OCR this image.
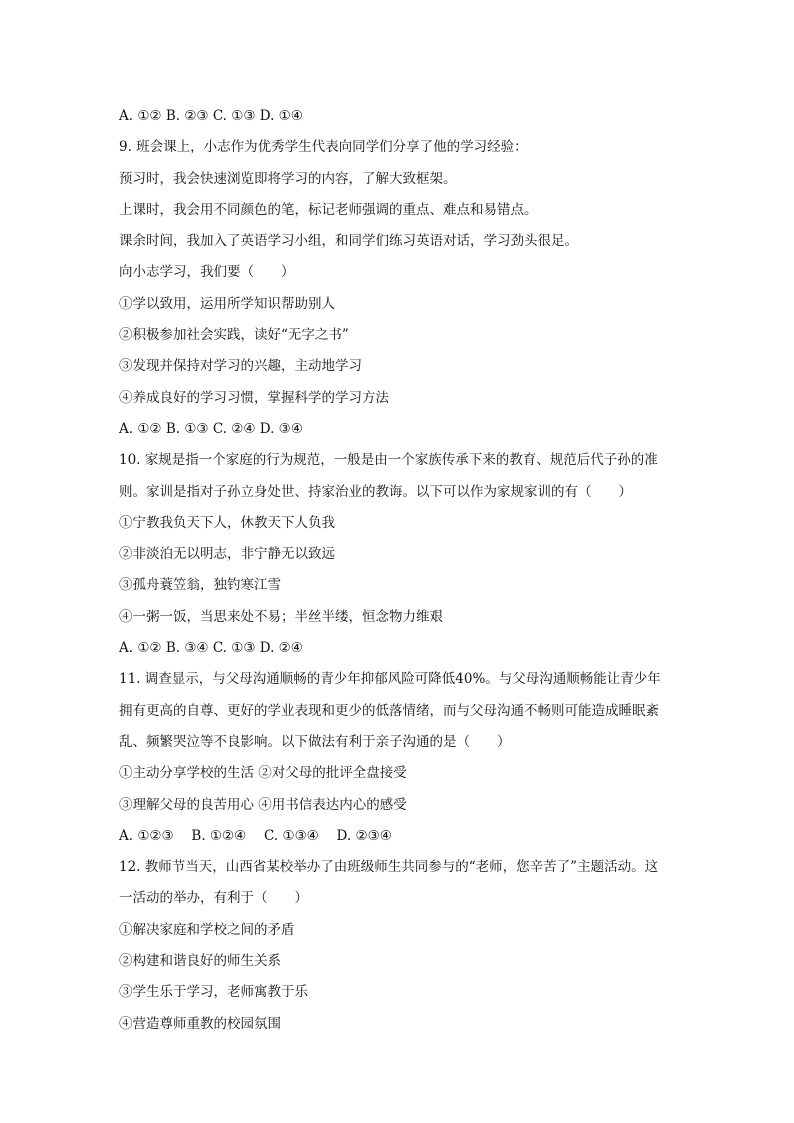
A. ①② B. ②③ C. ①③ D. ①④
9. 班会课上，小志作为优秀学生代表向同学们分享了他的学习经验：
预习时，我会快速浏览即将学习的内容，了解大致框架。
上课时，我会用不同颜色的笔，标记老师强调的重点、难点和易错点。
课余时间，我加入了英语学习小组，和同学们练习英语对话，学习劲头很足。
向小志学习，我们要（　　）
①学以致用，运用所学知识帮助别人
②积极参加社会实践，读好“无字之书”
③发现并保持对学习的兴趣，主动地学习
④养成良好的学习习惯，掌握科学的学习方法
A. ①② B. ①③ C. ②④ D. ③④
10. 家规是指一个家庭的行为规范，一般是由一个家族传承下来的教育、规范后代子孙的准
则。家训是指对子孙立身处世、持家治业的教诲。以下可以作为家规家训的有（　　）
①宁教我负天下人，休教天下人负我
②非淡泊无以明志，非宁静无以致远
③孤舟蓑笠翁，独钓寒江雪
④一粥一饭，当思来处不易；半丝半缕，恒念物力维艰
A. ①② B. ③④ C. ①③ D. ②④
11. 调查显示，与父母沟通顺畅的青少年抑郁风险可降低40%。与父母沟通顺畅能让青少年
拥有更高的自尊、更好的学业表现和更少的低落情绪，而与父母沟通不畅则可能造成睡眠紊
乱、频繁哭泣等不良影响。以下做法有利于亲子沟通的是（　　）
①主动分享学校的生活 ②对父母的批评全盘接受
③理解父母的良苦用心 ④用书信表达内心的感受
A. ①②③　 B. ①②④　 C. ①③④　 D. ②③④
12. 教师节当天，山西省某校举办了由班级师生共同参与的“老师，您辛苦了”主题活动。这
一活动的举办，有利于（　　）
①解决家庭和学校之间的矛盾
②构建和谐良好的师生关系
③学生乐于学习，老师寓教于乐
④营造尊师重教的校园氛围
